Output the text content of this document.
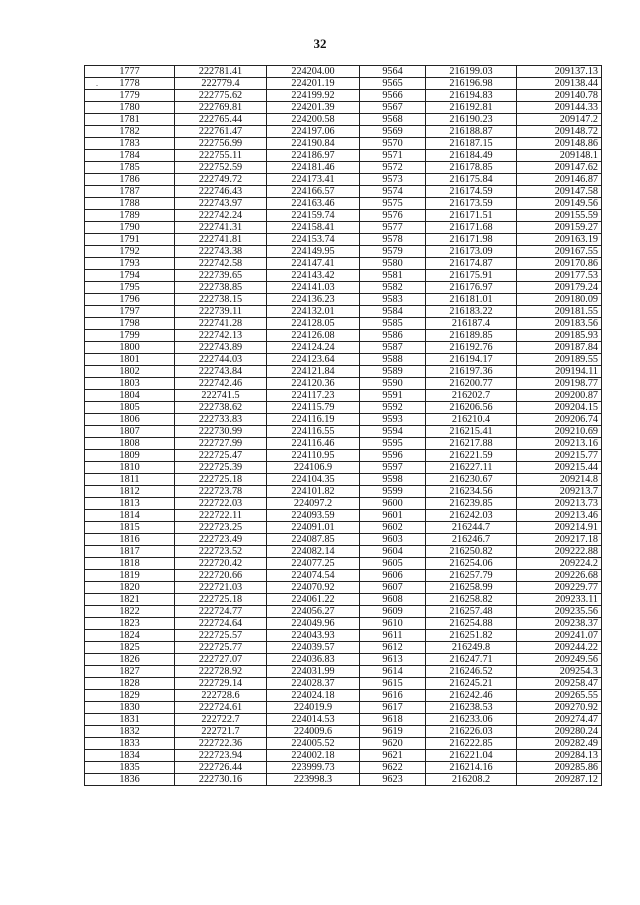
32
.
1777	222781.41	224204.00	9564	216199.03	209137.13
1778	222779.4	224201.19	9565	216196.98	209138.44
1779	222775.62	224199.92	9566	216194.83	209140.78
1780	222769.81	224201.39	9567	216192.81	209144.33
1781	222765.44	224200.58	9568	216190.23	209147.2
1782	222761.47	224197.06	9569	216188.87	209148.72
1783	222756.99	224190.84	9570	216187.15	209148.86
1784	222755.11	224186.97	9571	216184.49	209148.1
1785	222752.59	224181.46	9572	216178.85	209147.62
1786	222749.72	224173.41	9573	216175.84	209146.87
1787	222746.43	224166.57	9574	216174.59	209147.58
1788	222743.97	224163.46	9575	216173.59	209149.56
1789	222742.24	224159.74	9576	216171.51	209155.59
1790	222741.31	224158.41	9577	216171.68	209159.27
1791	222741.81	224153.74	9578	216171.98	209163.19
1792	222743.38	224149.95	9579	216173.09	209167.55
1793	222742.58	224147.41	9580	216174.87	209170.86
1794	222739.65	224143.42	9581	216175.91	209177.53
1795	222738.85	224141.03	9582	216176.97	209179.24
1796	222738.15	224136.23	9583	216181.01	209180.09
1797	222739.11	224132.01	9584	216183.22	209181.55
1798	222741.28	224128.05	9585	216187.4	209183.56
1799	222742.13	224126.08	9586	216189.85	209185.93
1800	222743.89	224124.24	9587	216192.76	209187.84
1801	222744.03	224123.64	9588	216194.17	209189.55
1802	222743.84	224121.84	9589	216197.36	209194.11
1803	222742.46	224120.36	9590	216200.77	209198.77
1804	222741.5	224117.23	9591	216202.7	209200.87
1805	222738.62	224115.79	9592	216206.56	209204.15
1806	222733.83	224116.19	9593	216210.4	209206.74
1807	222730.99	224116.55	9594	216215.41	209210.69
1808	222727.99	224116.46	9595	216217.88	209213.16
1809	222725.47	224110.95	9596	216221.59	209215.77
1810	222725.39	224106.9	9597	216227.11	209215.44
1811	222725.18	224104.35	9598	216230.67	209214.8
1812	222723.78	224101.82	9599	216234.56	209213.7
1813	222722.03	224097.2	9600	216239.85	209213.73
1814	222722.11	224093.59	9601	216242.03	209213.46
1815	222723.25	224091.01	9602	216244.7	209214.91
1816	222723.49	224087.85	9603	216246.7	209217.18
1817	222723.52	224082.14	9604	216250.82	209222.88
1818	222720.42	224077.25	9605	216254.06	209224.2
1819	222720.66	224074.54	9606	216257.79	209226.68
1820	222721.03	224070.92	9607	216258.99	209229.77
1821	222725.18	224061.22	9608	216258.82	209233.11
1822	222724.77	224056.27	9609	216257.48	209235.56
1823	222724.64	224049.96	9610	216254.88	209238.37
1824	222725.57	224043.93	9611	216251.82	209241.07
1825	222725.77	224039.57	9612	216249.8	209244.22
1826	222727.07	224036.83	9613	216247.71	209249.56
1827	222728.92	224031.99	9614	216246.52	209254.3
1828	222729.14	224028.37	9615	216245.21	209258.47
1829	222728.6	224024.18	9616	216242.46	209265.55
1830	222724.61	224019.9	9617	216238.53	209270.92
1831	222722.7	224014.53	9618	216233.06	209274.47
1832	222721.7	224009.6	9619	216226.03	209280.24
1833	222722.36	224005.52	9620	216222.85	209282.49
1834	222723.94	224002.18	9621	216221.04	209284.13
1835	222726.44	223999.73	9622	216214.16	209285.86
1836	222730.16	223998.3	9623	216208.2	209287.12
